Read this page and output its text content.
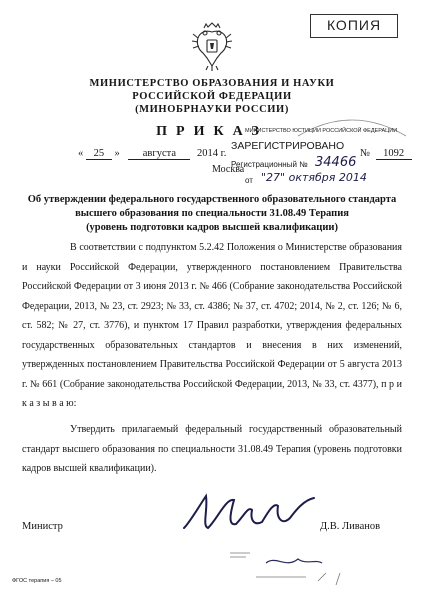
КОПИЯ
МИНИСТЕРСТВО ОБРАЗОВАНИЯ И НАУКИ
РОССИЙСКОЙ ФЕДЕРАЦИИ
(МИНОБРНАУКИ РОССИИ)
ПРИКАЗ
« 25 » августа 2014 г.	№ 1092
Москва
МИНИСТЕРСТВО ЮСТИЦИИ РОССИЙСКОЙ ФЕДЕРАЦИИ
ЗАРЕГИСТРИРОВАНО
Регистрационный № 34466
от "27" октября 2014
Об утверждении федерального государственного образовательного стандарта
высшего образования по специальности 31.08.49 Терапия
(уровень подготовки кадров высшей квалификации)
В соответствии с подпунктом 5.2.42 Положения о Министерстве образования и науки Российской Федерации, утвержденного постановлением Правительства Российской Федерации от 3 июня 2013 г. № 466 (Собрание законодательства Российской Федерации, 2013, № 23, ст. 2923; № 33, ст. 4386; № 37, ст. 4702; 2014, № 2, ст. 126; № 6, ст. 582; № 27, ст. 3776), и пунктом 17 Правил разработки, утверждения федеральных государственных образовательных стандартов и внесения в них изменений, утвержденных постановлением Правительства Российской Федерации от 5 августа 2013 г. № 661 (Собрание законодательства Российской Федерации, 2013, № 33, ст. 4377), п р и к а з ы в а ю:
Утвердить прилагаемый федеральный государственный образовательный стандарт высшего образования по специальности 31.08.49 Терапия (уровень подготовки кадров высшей квалификации).
Министр	Д.В. Ливанов
ФГОС терапия – 05
